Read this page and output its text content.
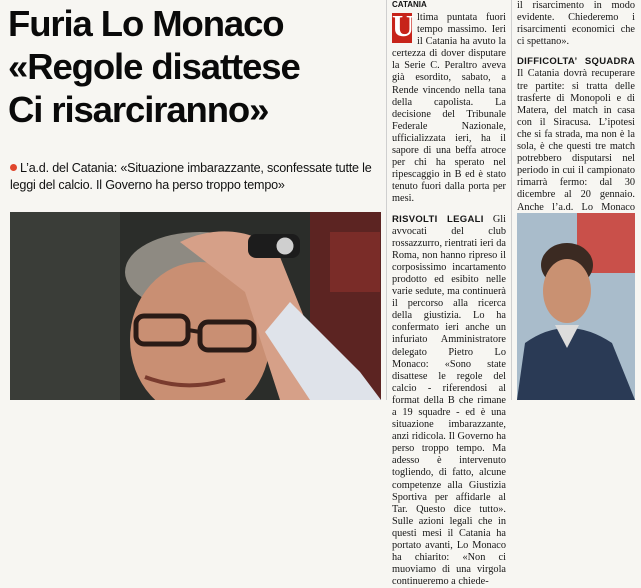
Furia Lo Monaco
«Regole disattese
Ci risarciranno»
L’a.d. del Catania: «Situazione imbarazzante, sconfessate tutte le leggi del calcio. Il Governo ha perso troppo tempo»
CATANIA

U ltima puntata fuori tempo massimo. Ieri il Catania ha avuto la certezza di dover disputare la Serie C. Peraltro aveva già esordito, sabato, a Rende vincendo nella tana della capolista. La decisione del Tribunale Federale Nazionale, ufficializzata ieri, ha il sapore di una beffa atroce per chi ha sperato nel ripescaggio in B ed è stato tenuto fuori dalla porta per mesi.

RISVOLTI LEGALI Gli avvocati del club rossazzurro, rientrati ieri da Roma, non hanno ripreso il corposissimo incartamento prodotto ed esibito nelle varie sedute, ma continuerà il percorso alla ricerca della giustizia. Lo ha confermato ieri anche un infuriato Amministratore delegato Pietro Lo Monaco: «Sono state disattese le regole del calcio - riferendosi al format della B che rimane a 19 squadre - ed è una situazione imbarazzante, anzi ridicola. Il Governo ha perso troppo tempo. Ma adesso è intervenuto togliendo, di fatto, alcune competenze alla Giustizia Sportiva per affidarle al Tar. Questo dice tutto». Sulle azioni legali che in questi mesi il Catania ha portato avanti, Lo Monaco ha chiarito: «Non ci muoviamo di una virgola continueremo a chiede-

il risarcimento in modo evidente. Chiederemo i risarcimenti economici che ci spettano».

DIFFICOLTA’ SQUADRA Il Catania dovrà recuperare tre partite: si tratta delle trasferte di Monopoli e di Matera, del match in casa con il Siracusa. L’ipotesi che si fa strada, ma non è la sola, è che questi tre match potrebbero disputarsi nel periodo in cui il campionato rimarrà fermo: dal 30 dicembre al 20 gennaio. Anche l’a.d. Lo Monaco
